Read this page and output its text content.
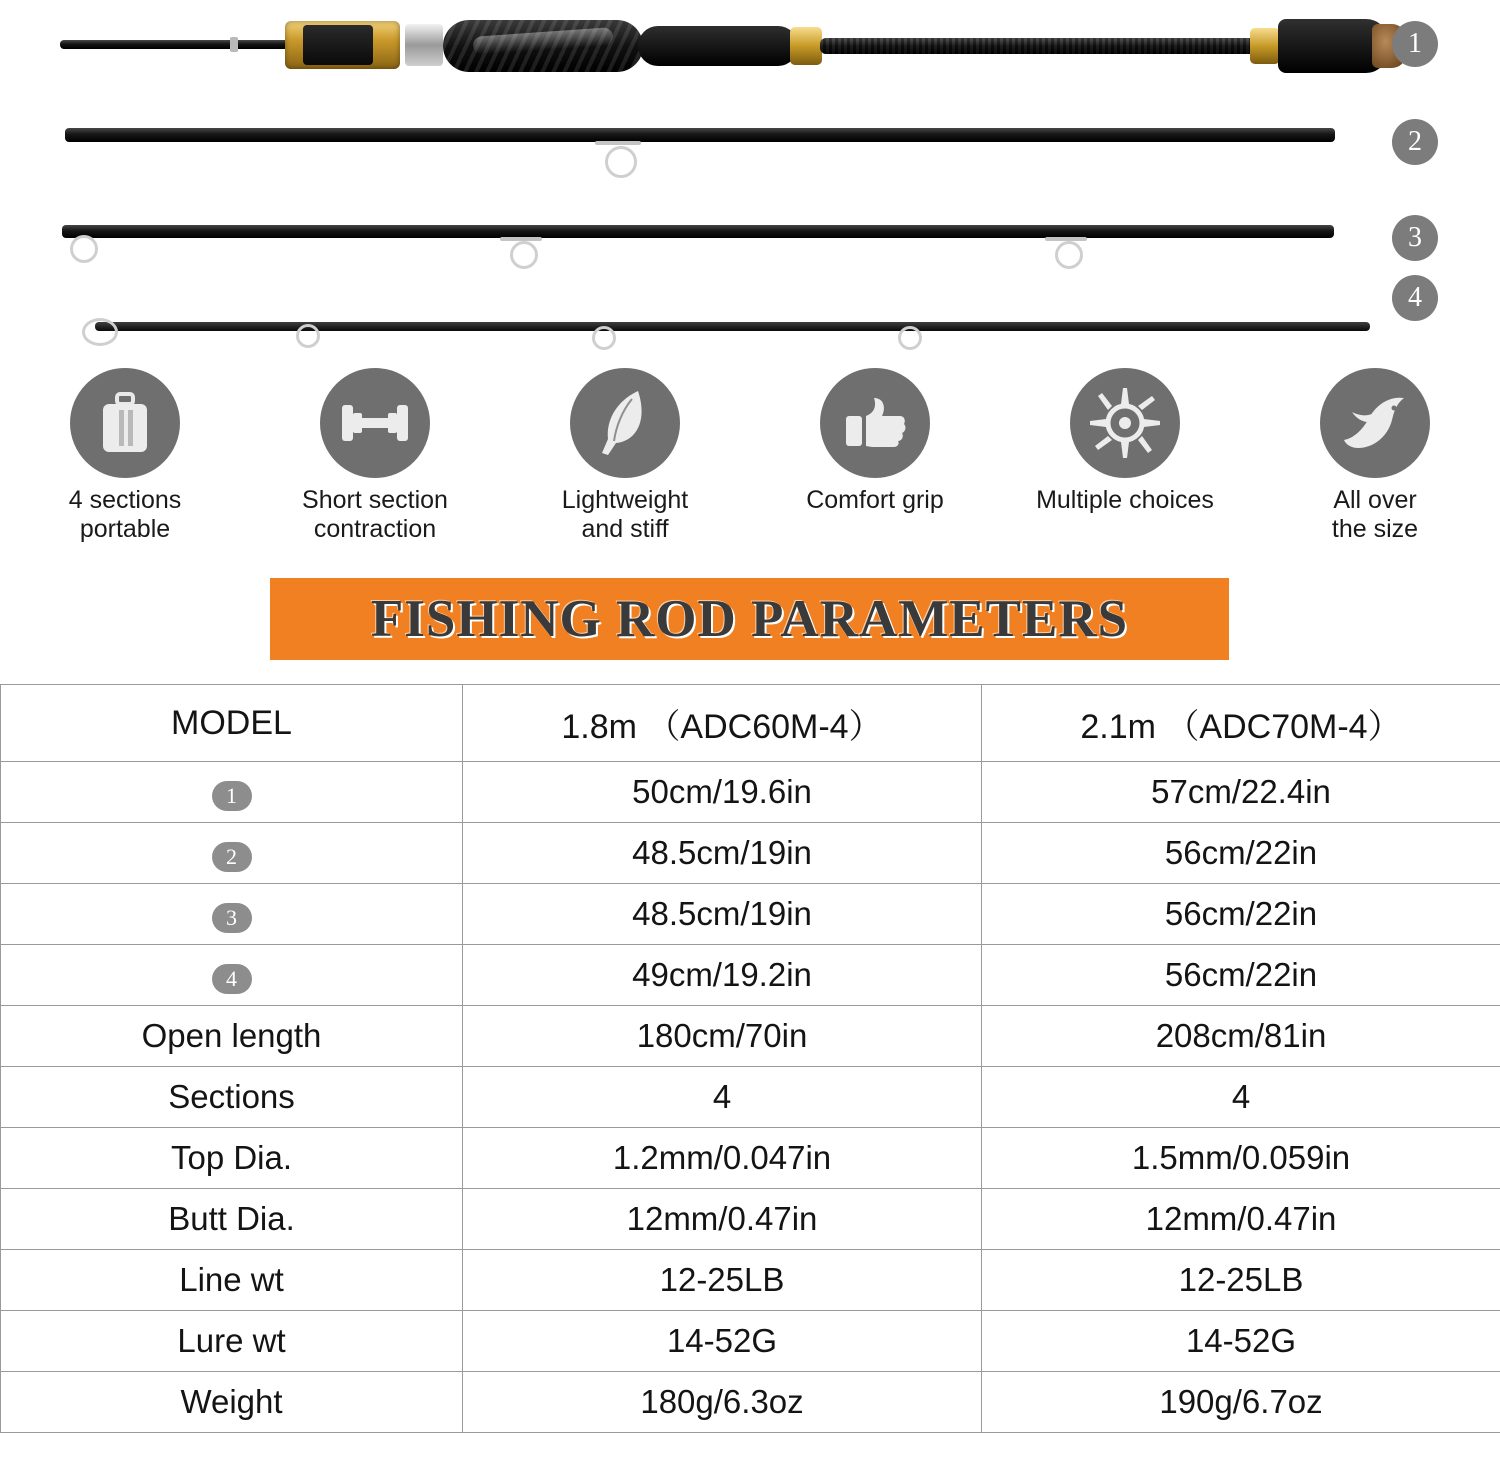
1
2
3
4
4 sections
portable
Short section
contraction
Lightweight
and stiff
Comfort grip	Multiple choices	All over
the size
FISHING ROD PARAMETERS
MODEL	1.8m （ADC60M-4）	2.1m （ADC70M-4）
1	50cm/19.6in	57cm/22.4in
2	48.5cm/19in	56cm/22in
3	48.5cm/19in	56cm/22in
4	49cm/19.2in	56cm/22in
Open length	180cm/70in	208cm/81in
Sections	4	4
Top Dia.	1.2mm/0.047in	1.5mm/0.059in
Butt Dia.	12mm/0.47in	12mm/0.47in
Line wt	12-25LB	12-25LB
Lure wt	14-52G	14-52G
Weight	180g/6.3oz	190g/6.7oz
